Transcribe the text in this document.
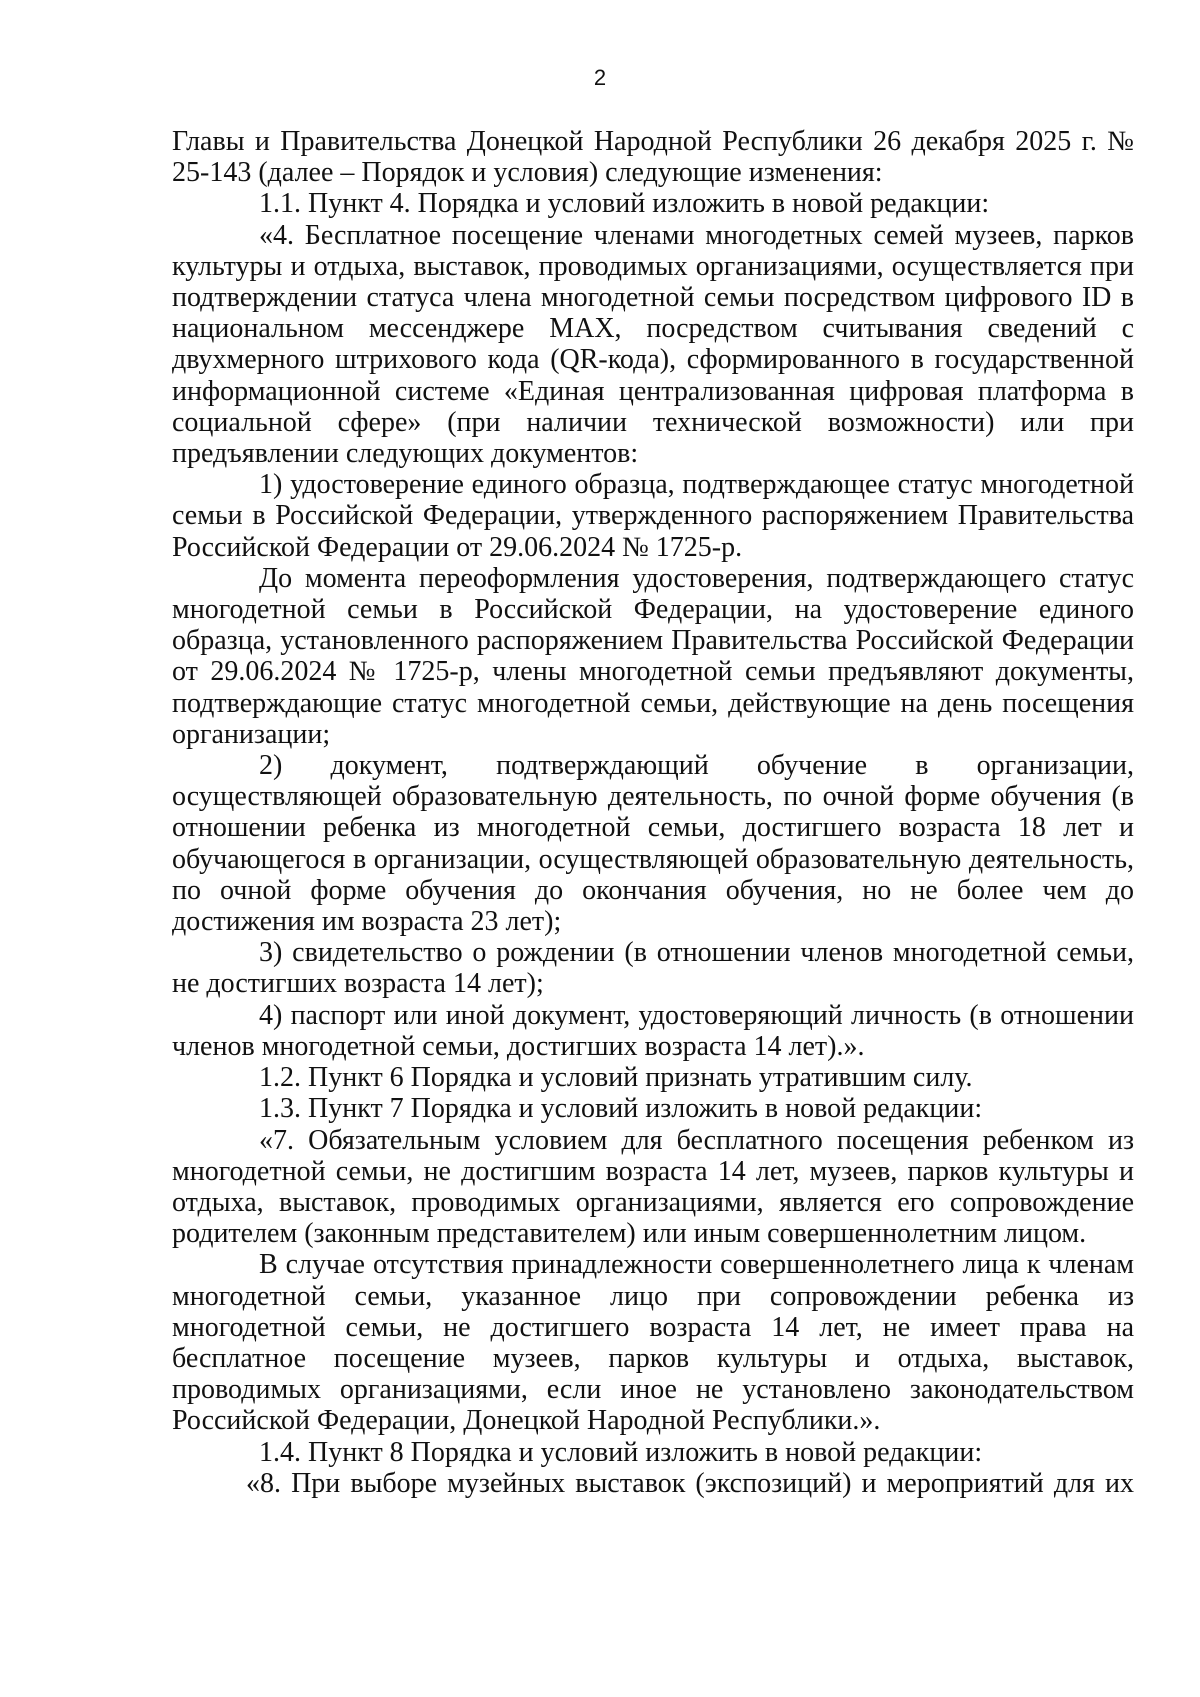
2

Главы и Правительства Донецкой Народной Республики 26 декабря 2025 г. № 25-143 (далее – Порядок и условия) следующие изменения:

1.1. Пункт 4. Порядка и условий изложить в новой редакции:

«4. Бесплатное посещение членами многодетных семей музеев, парков культуры и отдыха, выставок, проводимых организациями, осуществляется при подтверждении статуса члена многодетной семьи посредством цифрового ID в национальном мессенджере MAX, посредством считывания сведений с двухмерного штрихового кода (QR-кода), сформированного в государственной информационной системе «Единая централизованная цифровая платформа в социальной сфере» (при наличии технической возможности) или при предъявлении следующих документов:

1) удостоверение единого образца, подтверждающее статус многодетной семьи в Российской Федерации, утвержденного распоряжением Правительства Российской Федерации от 29.06.2024 № 1725-р.

До момента переоформления удостоверения, подтверждающего статус многодетной семьи в Российской Федерации, на удостоверение единого образца, установленного распоряжением Правительства Российской Федерации от 29.06.2024 № 1725-р, члены многодетной семьи предъявляют документы, подтверждающие статус многодетной семьи, действующие на день посещения организации;

2) документ, подтверждающий обучение в организации, осуществляющей образовательную деятельность, по очной форме обучения (в отношении ребенка из многодетной семьи, достигшего возраста 18 лет и обучающегося в организации, осуществляющей образовательную деятельность, по очной форме обучения до окончания обучения, но не более чем до достижения им возраста 23 лет);

3) свидетельство о рождении (в отношении членов многодетной семьи, не достигших возраста 14 лет);

4) паспорт или иной документ, удостоверяющий личность (в отношении членов многодетной семьи, достигших возраста 14 лет).».

1.2. Пункт 6 Порядка и условий признать утратившим силу.

1.3. Пункт 7 Порядка и условий изложить в новой редакции:

«7. Обязательным условием для бесплатного посещения ребенком из многодетной семьи, не достигшим возраста 14 лет, музеев, парков культуры и отдыха, выставок, проводимых организациями, является его сопровождение родителем (законным представителем) или иным совершеннолетним лицом.

В случае отсутствия принадлежности совершеннолетнего лица к членам многодетной семьи, указанное лицо при сопровождении ребенка из многодетной семьи, не достигшего возраста 14 лет, не имеет права на бесплатное посещение музеев, парков культуры и отдыха, выставок, проводимых организациями, если иное не установлено законодательством Российской Федерации, Донецкой Народной Республики.».

1.4. Пункт 8 Порядка и условий изложить в новой редакции:

«8. При выборе музейных выставок (экспозиций) и мероприятий для их
